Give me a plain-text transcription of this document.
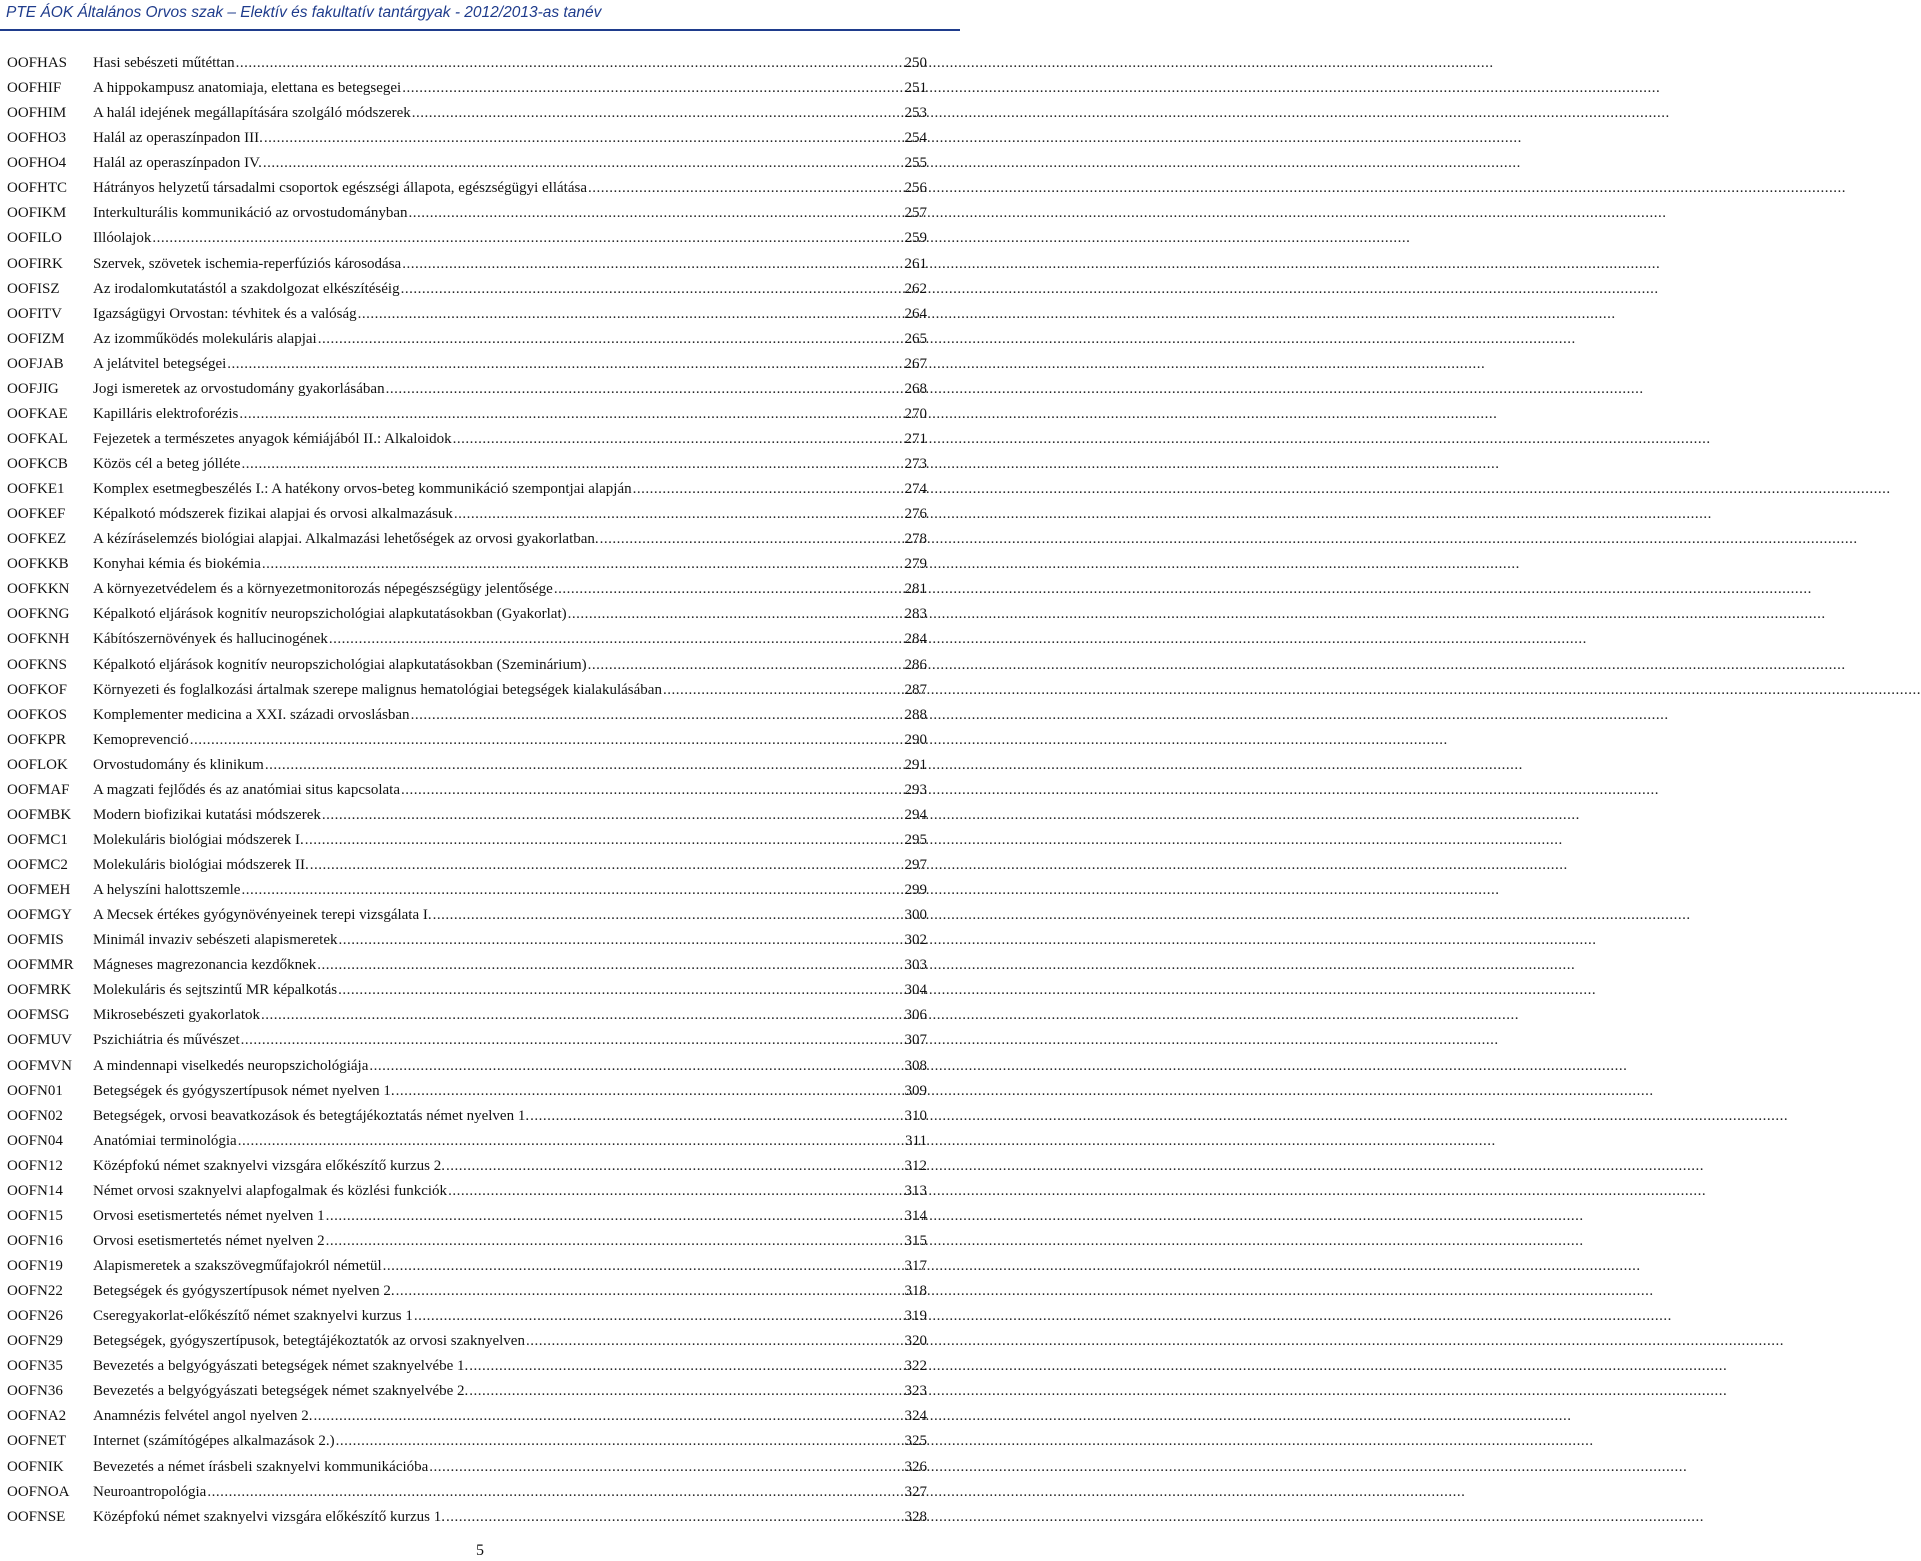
PTE ÁOK Általános Orvos szak – Elektív és fakultatív tantárgyak - 2012/2013-as tanév
OOFHAS	Hasi sebészeti műtéttan .....	250
OOFHIF	A hippokampusz anatomiaja, elettana es betegsegei .....	251
OOFHIM	A halál idejének megállapítására szolgáló módszerek .....	253
OOFHO3	Halál az operaszínpadon III. .....	254
OOFHO4	Halál az operaszínpadon IV. .....	255
OOFHTC	Hátrányos helyzetű társadalmi csoportok egészségi állapota, egészségügyi ellátása .....	256
OOFIKM	Interkulturális kommunikáció az orvostudományban .....	257
OOFILO	Illóolajok .....	259
OOFIRK	Szervek, szövetek ischemia-reperfúziós károsodása .....	261
OOFISZ	Az irodalomkutatástól a szakdolgozat elkészítéséig .....	262
OOFITV	Igazságügyi Orvostan: tévhitek és a valóság .....	264
OOFIZM	Az izomműködés molekuláris alapjai .....	265
OOFJAB	A jelátvitel betegségei .....	267
OOFJIG	Jogi ismeretek az orvostudomány gyakorlásában .....	268
OOFKAE	Kapilláris elektroforézis .....	270
OOFKAL	Fejezetek a természetes anyagok kémiájából II.: Alkaloidok .....	271
OOFKCB	Közös cél a beteg jólléte .....	273
OOFKE1	Komplex esetmegbeszélés I.: A hatékony orvos-beteg kommunikáció szempontjai alapján .....	274
OOFKEF	Képalkotó módszerek fizikai alapjai és orvosi alkalmazásuk .....	276
OOFKEZ	A kézíráselemzés biológiai alapjai. Alkalmazási lehetőségek az orvosi gyakorlatban. .....	278
OOFKKB	Konyhai kémia és biokémia .....	279
OOFKKN	A környezetvédelem és a környezetmonitorozás népegészségügy jelentősége .....	281
OOFKNG	Képalkotó eljárások kognitív neuropszichológiai alapkutatásokban (Gyakorlat) .....	283
OOFKNH	Kábítószernövények és hallucinogének .....	284
OOFKNS	Képalkotó eljárások kognitív neuropszichológiai alapkutatásokban (Szeminárium) .....	286
OOFKOF	Környezeti és foglalkozási ártalmak szerepe malignus hematológiai betegségek kialakulásában .....	287
OOFKOS	Komplementer medicina a XXI. századi orvoslásban .....	288
OOFKPR	Kemoprevenció .....	290
OOFLOK	Orvostudomány és klinikum .....	291
OOFMAF	A magzati fejlődés és az anatómiai situs kapcsolata .....	293
OOFMBK	Modern biofizikai kutatási módszerek .....	294
OOFMC1	Molekuláris biológiai módszerek I. .....	295
OOFMC2	Molekuláris biológiai módszerek II. .....	297
OOFMEH	A helyszíni halottszemle .....	299
OOFMGY	A Mecsek értékes gyógynövényeinek terepi vizsgálata I. .....	300
OOFMIS	Minimál invaziv sebészeti alapismeretek .....	302
OOFMMR	Mágneses magrezonancia kezdőknek .....	303
OOFMRK	Molekuláris és sejtszintű MR képalkotás .....	304
OOFMSG	Mikrosebészeti gyakorlatok .....	306
OOFMUV	Pszichiátria és művészet .....	307
OOFMVN	A mindennapi viselkedés neuropszichológiája .....	308
OOFN01	Betegségek és gyógyszertípusok német nyelven 1. .....	309
OOFN02	Betegségek, orvosi beavatkozások és betegtájékoztatás német nyelven 1. .....	310
OOFN04	Anatómiai terminológia .....	311
OOFN12	Középfokú német szaknyelvi vizsgára előkészítő kurzus 2. .....	312
OOFN14	Német orvosi szaknyelvi alapfogalmak és közlési funkciók .....	313
OOFN15	Orvosi esetismertetés német nyelven 1 .....	314
OOFN16	Orvosi esetismertetés német nyelven 2 .....	315
OOFN19	Alapismeretek a szakszövegműfajokról németül .....	317
OOFN22	Betegségek és gyógyszertípusok német nyelven 2. .....	318
OOFN26	Cseregyakorlat-előkészítő német szaknyelvi kurzus 1 .....	319
OOFN29	Betegségek, gyógyszertípusok, betegtájékoztatók az orvosi szaknyelven .....	320
OOFN35	Bevezetés a belgyógyászati betegségek német szaknyelvébe 1. .....	322
OOFN36	Bevezetés a belgyógyászati betegségek német szaknyelvébe 2. .....	323
OOFNA2	Anamnézis felvétel angol nyelven 2. .....	324
OOFNET	Internet (számítógépes alkalmazások 2.) .....	325
OOFNIK	Bevezetés a német írásbeli szaknyelvi kommunikációba .....	326
OOFNOA	Neuroantropológia .....	327
OOFNSE	Középfokú német szaknyelvi vizsgára előkészítő kurzus 1. .....	328
5
